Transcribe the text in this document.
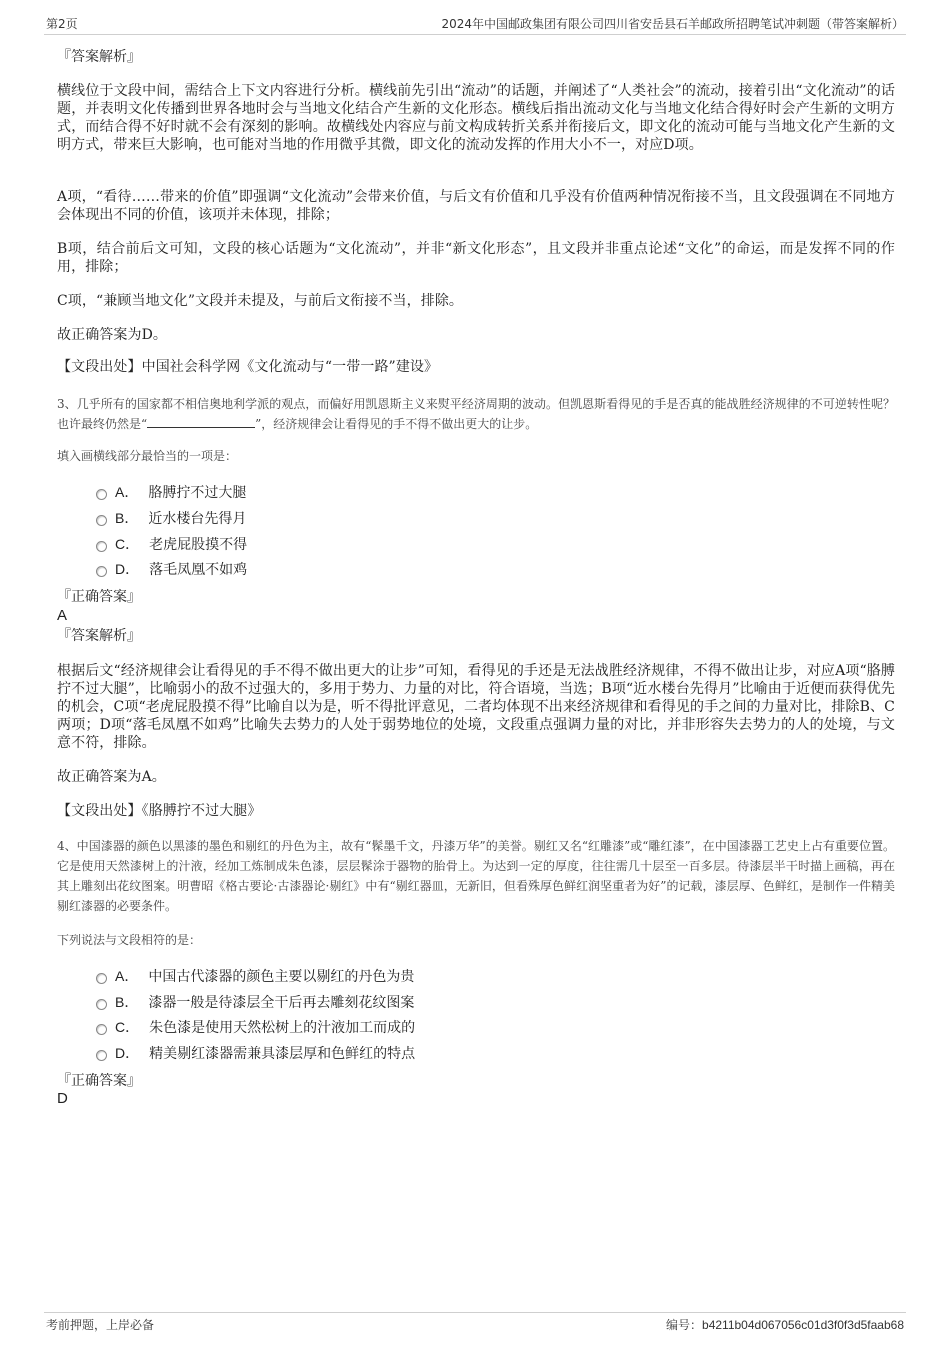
第2页	2024年中国邮政集团有限公司四川省安岳县石羊邮政所招聘笔试冲刺题（带答案解析）
『答案解析』

横线位于文段中间，需结合上下文内容进行分析。横线前先引出“流动”的话题，并阐述了“人类社会”的流动，接着引出“文化流动”的话题，并表明文化传播到世界各地时会与当地文化结合产生新的文化形态。横线后指出流动文化与当地文化结合得好时会产生新的文明方式，而结合得不好时就不会有深刻的影响。故横线处内容应与前文构成转折关系并衔接后文，即文化的流动可能与当地文化产生新的文明方式，带来巨大影响，也可能对当地的作用微乎其微，即文化的流动发挥的作用大小不一，对应D项。

A项，“看待……带来的价值”即强调“文化流动”会带来价值，与后文有价值和几乎没有价值两种情况衔接不当，且文段强调在不同地方会体现出不同的价值，该项并未体现，排除；

B项，结合前后文可知，文段的核心话题为“文化流动”，并非“新文化形态”，且文段并非重点论述“文化”的命运，而是发挥不同的作用，排除；

C项，“兼顾当地文化”文段并未提及，与前后文衔接不当，排除。

故正确答案为D。

【文段出处】中国社会科学网《文化流动与“一带一路”建设》

3、几乎所有的国家都不相信奥地利学派的观点，而偏好用凯恩斯主义来熨平经济周期的波动。但凯恩斯看得见的手是否真的能战胜经济规律的不可逆转性呢？也许最终仍然是“	”，经济规律会让看得见的手不得不做出更大的让步。

填入画横线部分最恰当的一项是：

A． 胳膊拧不过大腿
B． 近水楼台先得月
C． 老虎屁股摸不得
D． 落毛凤凰不如鸡
『正确答案』
A
『答案解析』

根据后文“经济规律会让看得见的手不得不做出更大的让步”可知，看得见的手还是无法战胜经济规律，不得不做出让步，对应A项“胳膊拧不过大腿”，比喻弱小的敌不过强大的，多用于势力、力量的对比，符合语境，当选；B项“近水楼台先得月”比喻由于近便而获得优先的机会，C项“老虎屁股摸不得”比喻自以为是，听不得批评意见，二者均体现不出来经济规律和看得见的手之间的力量对比，排除B、C两项；D项“落毛凤凰不如鸡”比喻失去势力的人处于弱势地位的处境，文段重点强调力量的对比，并非形容失去势力的人的处境，与文意不符，排除。

故正确答案为A。

【文段出处】《胳膊拧不过大腿》

4、中国漆器的颜色以黑漆的墨色和剔红的丹色为主，故有“髹墨千文，丹漆万华”的美誉。剔红又名“红雕漆”或“雕红漆”，在中国漆器工艺史上占有重要位置。它是使用天然漆树上的汁液，经加工炼制成朱色漆，层层髹涂于器物的胎骨上。为达到一定的厚度，往往需几十层至一百多层。待漆层半干时描上画稿，再在其上雕刻出花纹图案。明曹昭《格古要论·古漆器论·剔红》中有“剔红器皿，无新旧，但看殊厚色鲜红润坚重者为好”的记载，漆层厚、色鲜红，是制作一件精美剔红漆器的必要条件。

下列说法与文段相符的是：

A． 中国古代漆器的颜色主要以剔红的丹色为贵
B． 漆器一般是待漆层全干后再去雕刻花纹图案
C． 朱色漆是使用天然松树上的汁液加工而成的
D． 精美剔红漆器需兼具漆层厚和色鲜红的特点
『正确答案』
D
考前押题，上岸必备	编号：b4211b04d067056c01d3f0f3d5faab68
